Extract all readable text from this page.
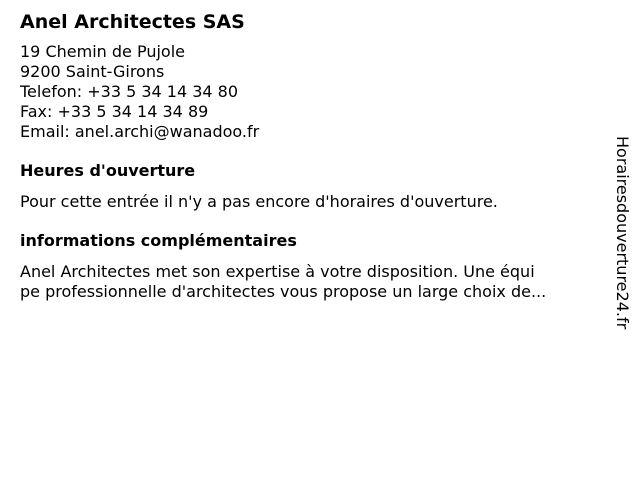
Anel Architectes SAS
19 Chemin de Pujole
9200 Saint-Girons
Telefon: +33 5 34 14 34 80
Fax: +33 5 34 14 34 89
Email: anel.archi@wanadoo.fr
Heures d'ouverture

Pour cette entrée il n'y a pas encore d'horaires d'ouverture.

informations complémentaires
Anel Architectes met son expertise à votre disposition. Une équi
pe professionnelle d'architectes vous propose un large choix de...	Horairesdouverture24.fr
